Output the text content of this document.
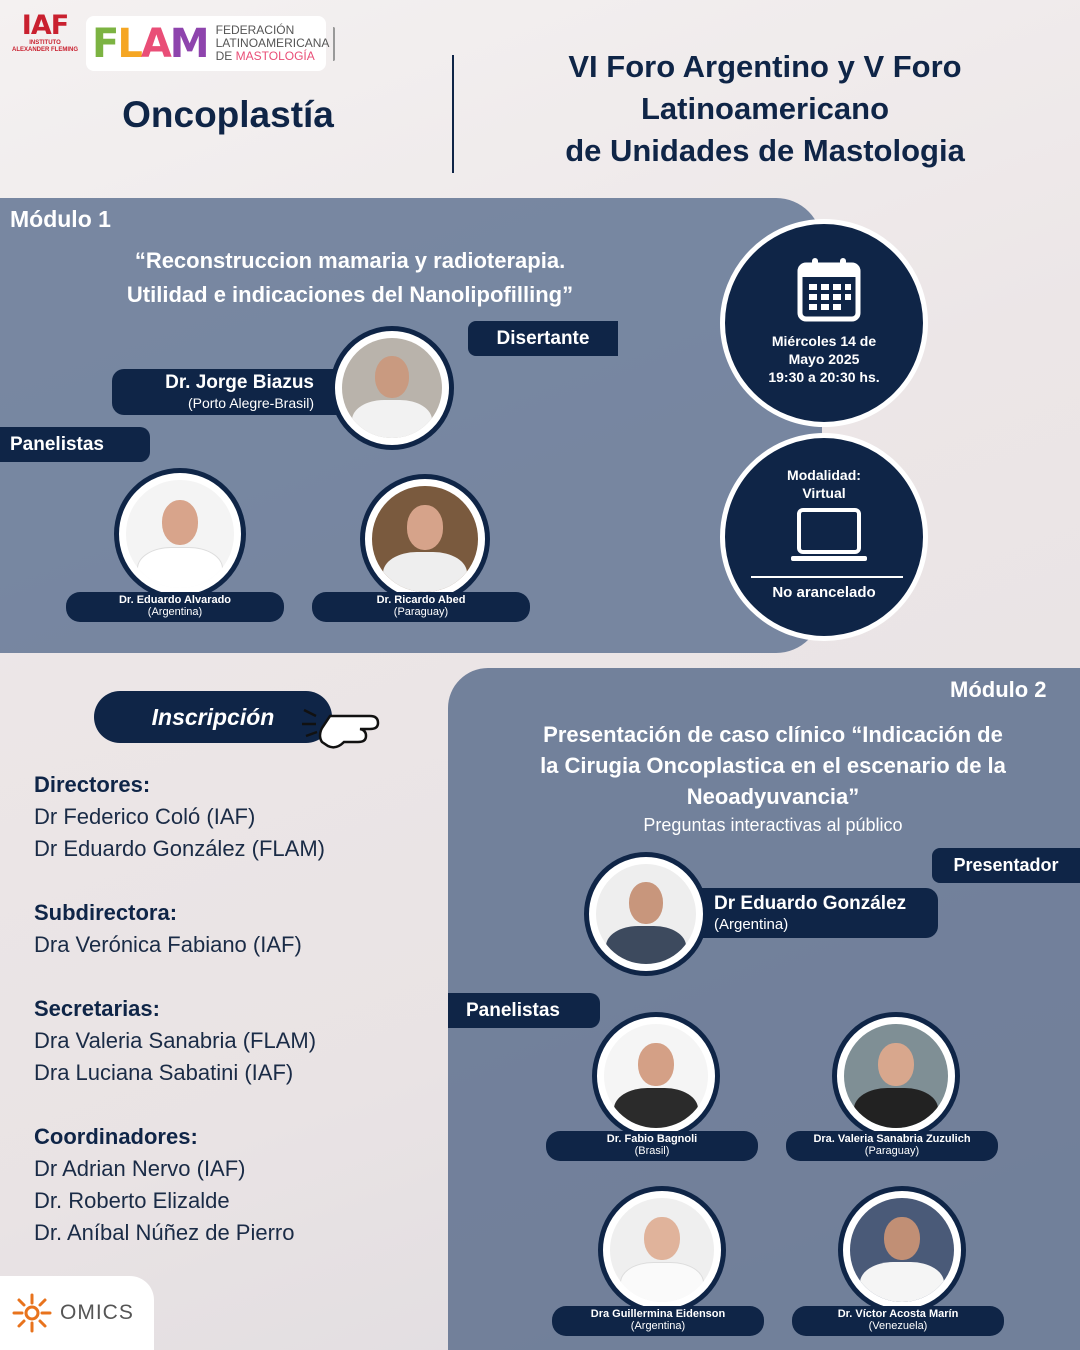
IAF
INSTITUTO ALEXANDER FLEMING FLAM FEDERACIÓN
LATINOAMERICANA
DE MASTOLOGÍA
Oncoplastía
VI Foro Argentino y V Foro
Latinoamericano
de Unidades de Mastologia
Módulo 1
“Reconstruccion mamaria y radioterapia.
Utilidad e indicaciones del Nanolipofilling”
Disertante
Dr. Jorge Biazus
(Porto Alegre-Brasil)
Panelistas
Dr. Eduardo Alvarado
(Argentina)
Dr. Ricardo Abed
(Paraguay)
Miércoles 14 de
Mayo 2025
19:30 a 20:30 hs.
Modalidad:
Virtual
No arancelado
Inscripción
Directores:
Dr Federico Coló (IAF)
Dr Eduardo González (FLAM)
Subdirectora:
Dra Verónica Fabiano (IAF)
Secretarias:
Dra Valeria Sanabria (FLAM)
Dra Luciana Sabatini (IAF)
Coordinadores:
Dr Adrian Nervo (IAF)
Dr. Roberto Elizalde
Dr. Aníbal Núñez de Pierro
OMICS
Módulo 2
Presentación de caso clínico “Indicación de
la Cirugia Oncoplastica en el escenario de la
Neoadyuvancia”
Preguntas interactivas al público
Presentador
Dr Eduardo González
(Argentina)
Panelistas
Dr. Fabio Bagnoli
(Brasil)
Dra. Valeria Sanabria Zuzulich
(Paraguay)
Dra Guillermina Eidenson
(Argentina)
Dr. Víctor Acosta Marín
(Venezuela)
